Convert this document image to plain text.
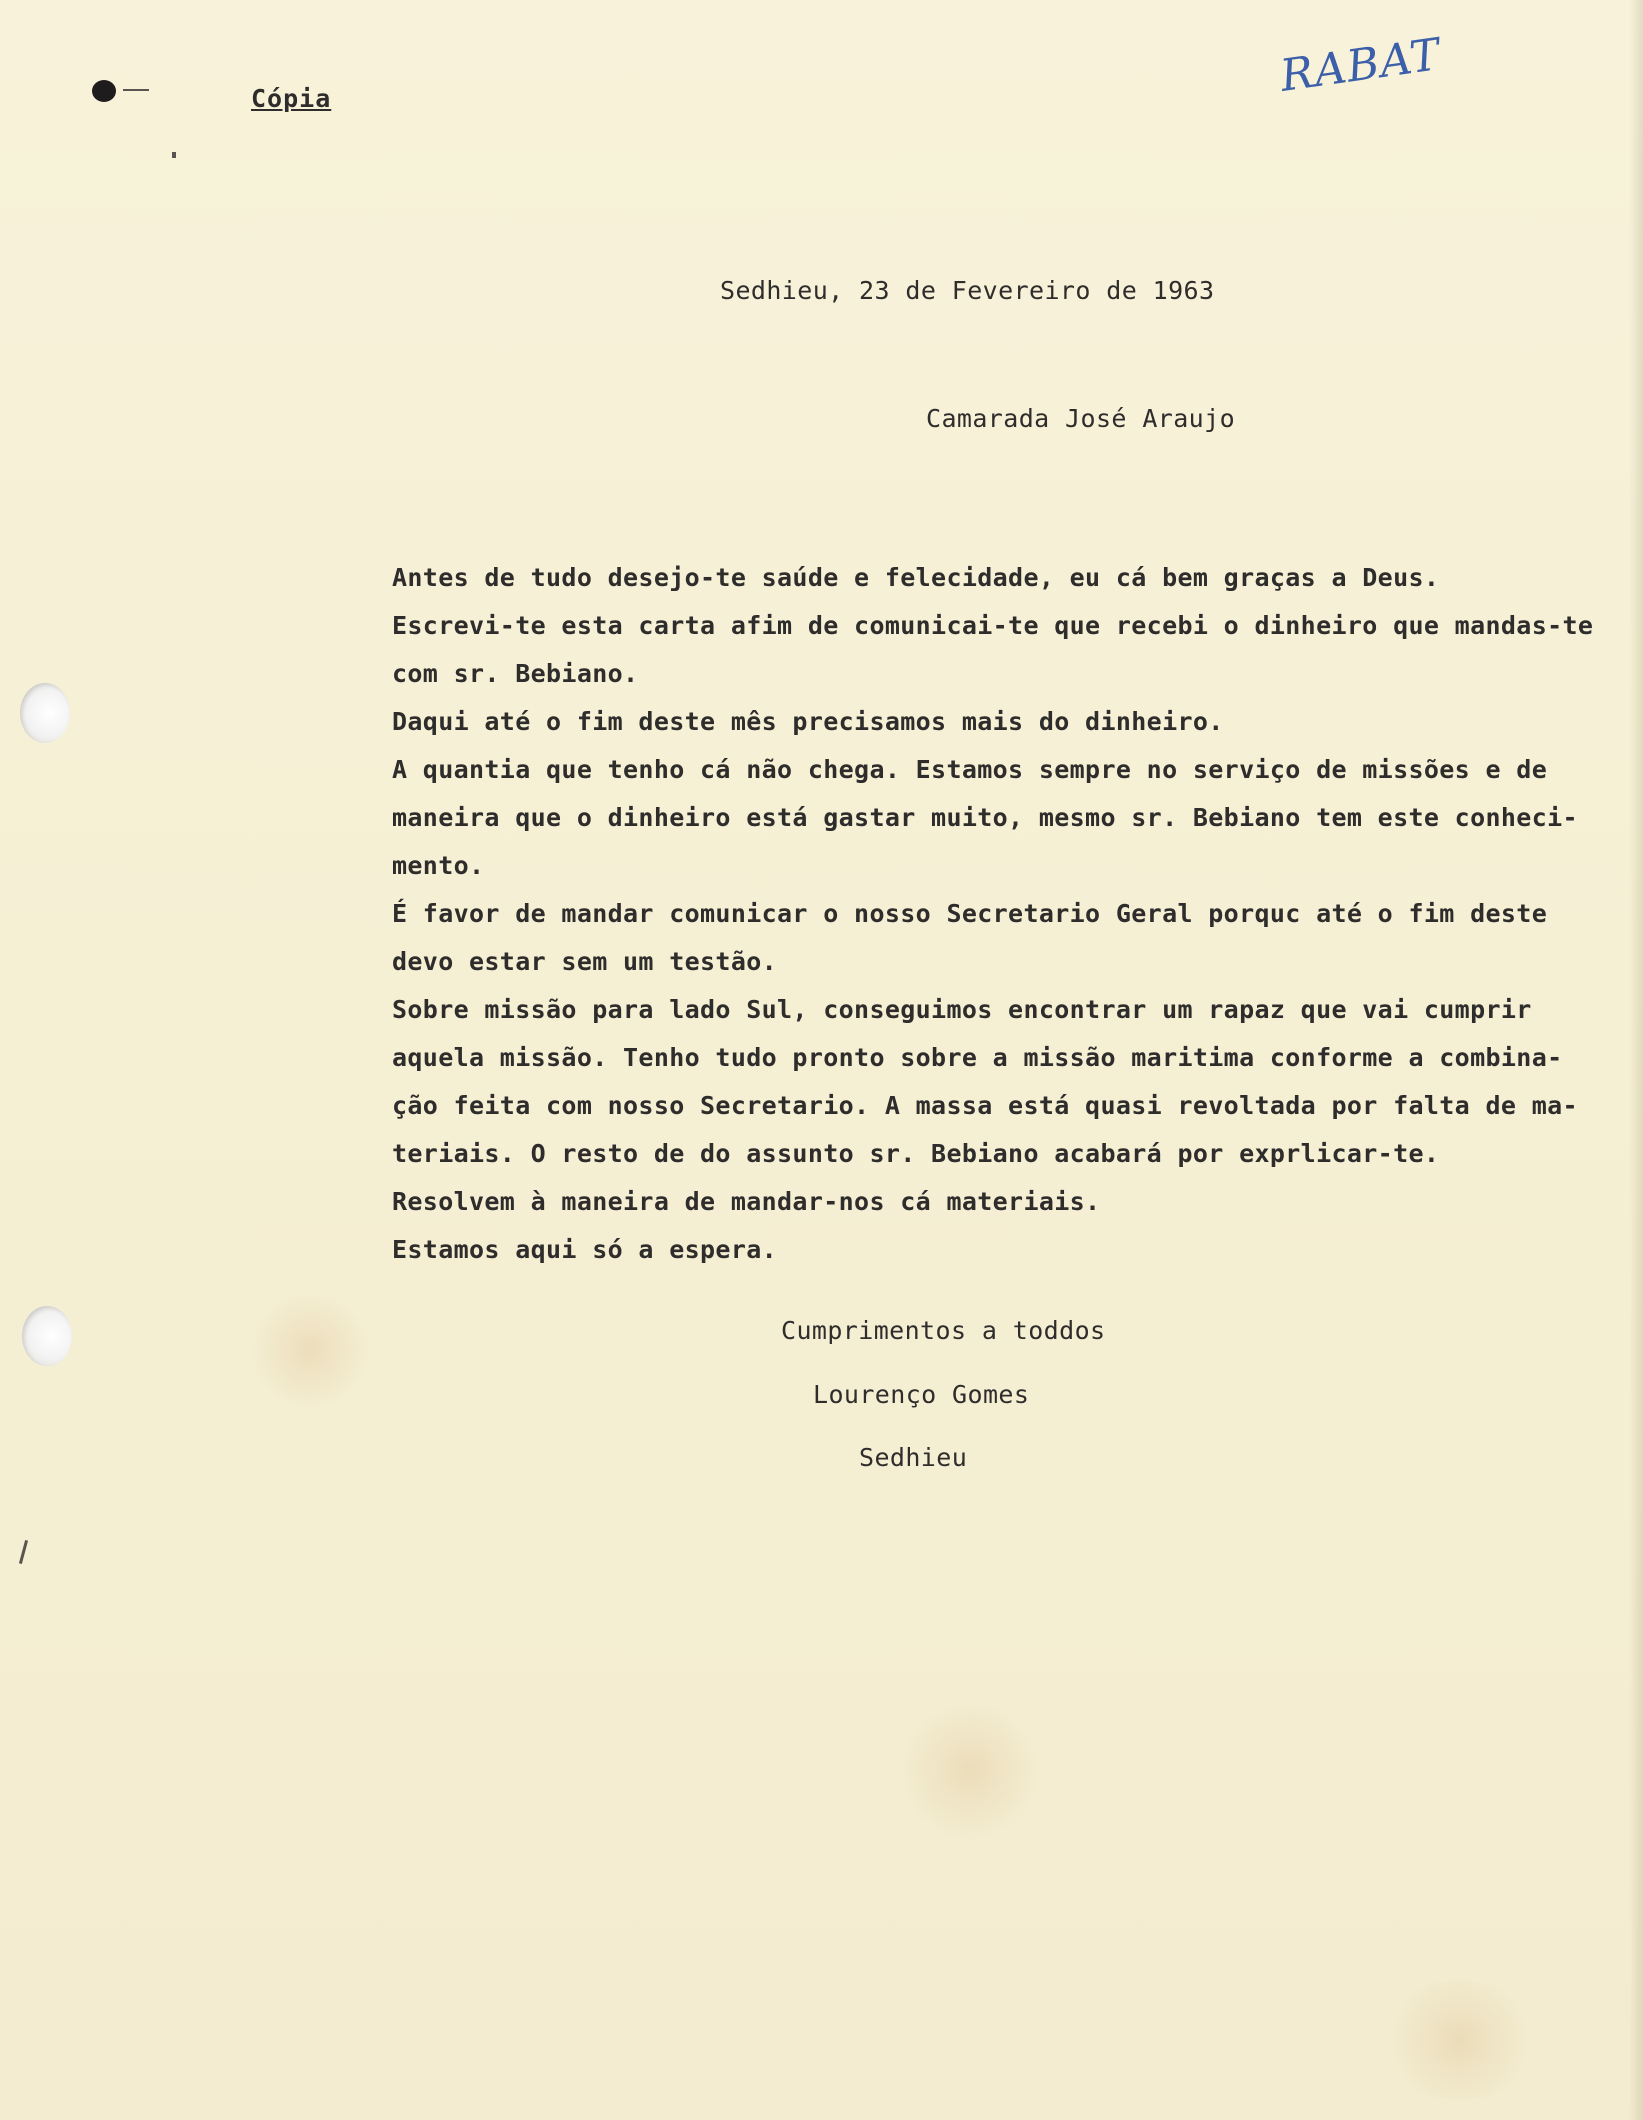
Cópia	RABAT
Sedhieu, 23 de Fevereiro de 1963
Camarada José Araujo
Antes de tudo desejo-te saúde e felecidade, eu cá bem graças a Deus.
Escrevi-te esta carta afim de comunicai-te que recebi o dinheiro que mandas-te
com sr. Bebiano.
Daqui até o fim deste mês precisamos mais do dinheiro.
A quantia que tenho cá não chega. Estamos sempre no serviço de missões e de
maneira que o dinheiro está gastar muito, mesmo sr. Bebiano tem este conheci-
mento.
É favor de mandar comunicar o nosso Secretario Geral porquc até o fim deste
devo estar sem um testão.
Sobre missão para lado Sul, conseguimos encontrar um rapaz que vai cumprir
aquela missão. Tenho tudo pronto sobre a missão maritima conforme a combina-
ção feita com nosso Secretario. A massa está quasi revoltada por falta de ma-
teriais. O resto de do assunto sr. Bebiano acabará por exprlicar-te.
Resolvem à maneira de mandar-nos cá materiais.
Estamos aqui só a espera.
Cumprimentos a toddos
Lourenço Gomes
Sedhieu
